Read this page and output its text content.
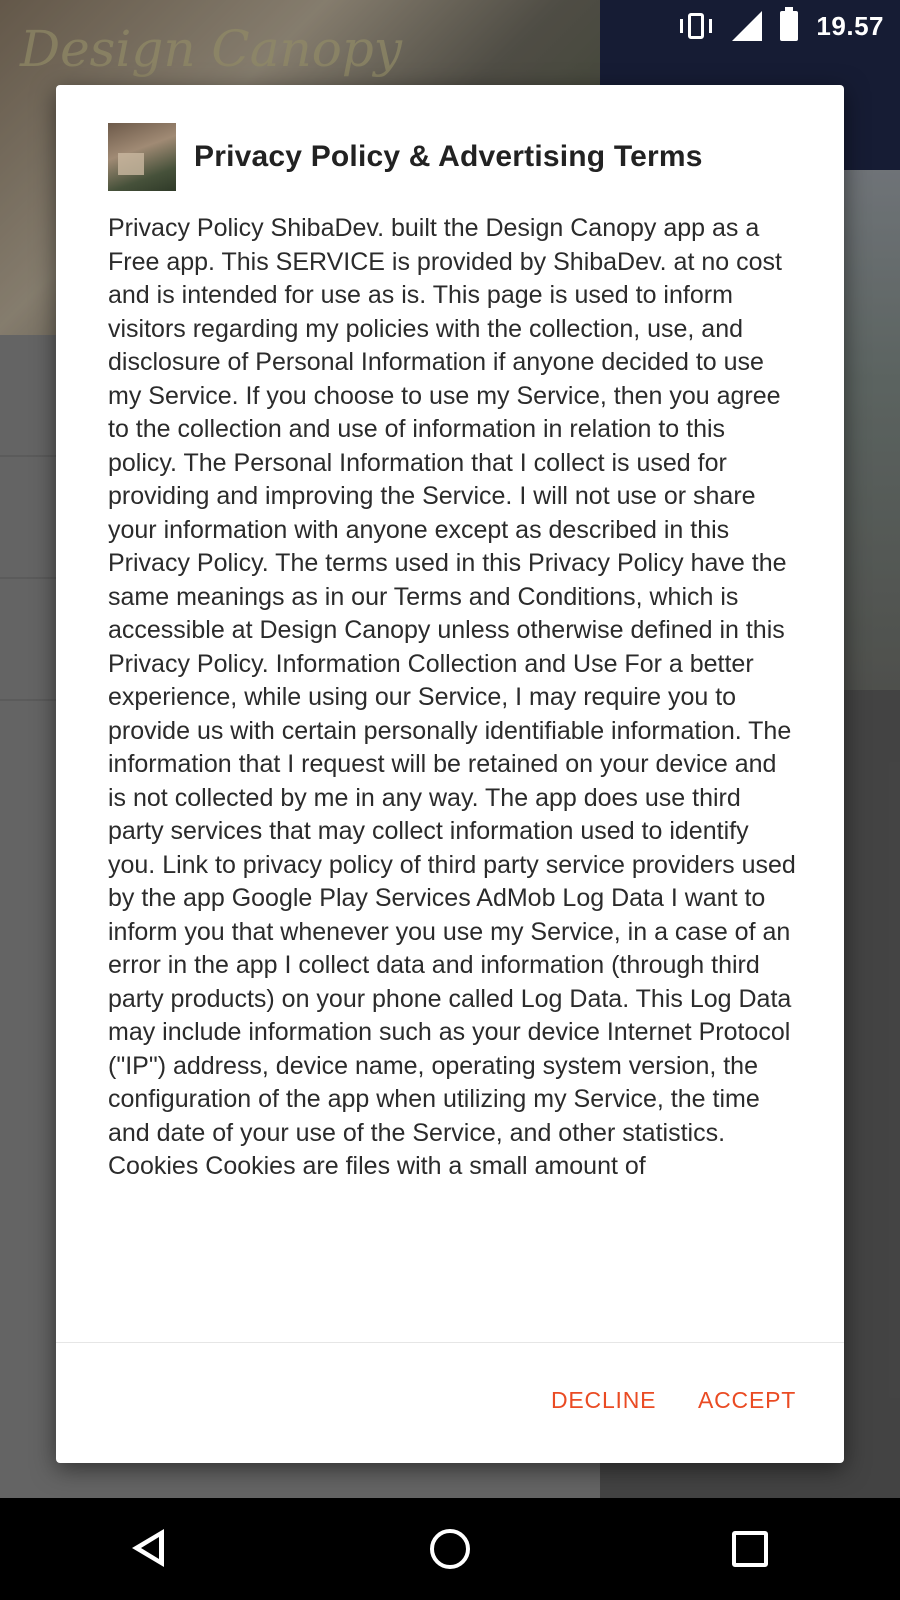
Design Canopy	19.57
Privacy Policy & Advertising Terms

Privacy Policy ShibaDev. built the Design Canopy app as a Free app. This SERVICE is provided by ShibaDev. at no cost and is intended for use as is. This page is used to inform visitors regarding my policies with the collection, use, and disclosure of Personal Information if anyone decided to use my Service. If you choose to use my Service, then you agree to the collection and use of information in relation to this policy. The Personal Information that I collect is used for providing and improving the Service. I will not use or share your information with anyone except as described in this Privacy Policy. The terms used in this Privacy Policy have the same meanings as in our Terms and Conditions, which is accessible at Design Canopy unless otherwise defined in this Privacy Policy. Information Collection and Use For a better experience, while using our Service, I may require you to provide us with certain personally identifiable information. The information that I request will be retained on your device and is not collected by me in any way. The app does use third party services that may collect information used to identify you. Link to privacy policy of third party service providers used by the app Google Play Services AdMob Log Data I want to inform you that whenever you use my Service, in a case of an error in the app I collect data and information (through third party products) on your phone called Log Data. This Log Data may include information such as your device Internet Protocol ("IP") address, device name, operating system version, the configuration of the app when utilizing my Service, the time and date of your use of the Service, and other statistics. Cookies Cookies are files with a small amount of

DECLINE ACCEPT
